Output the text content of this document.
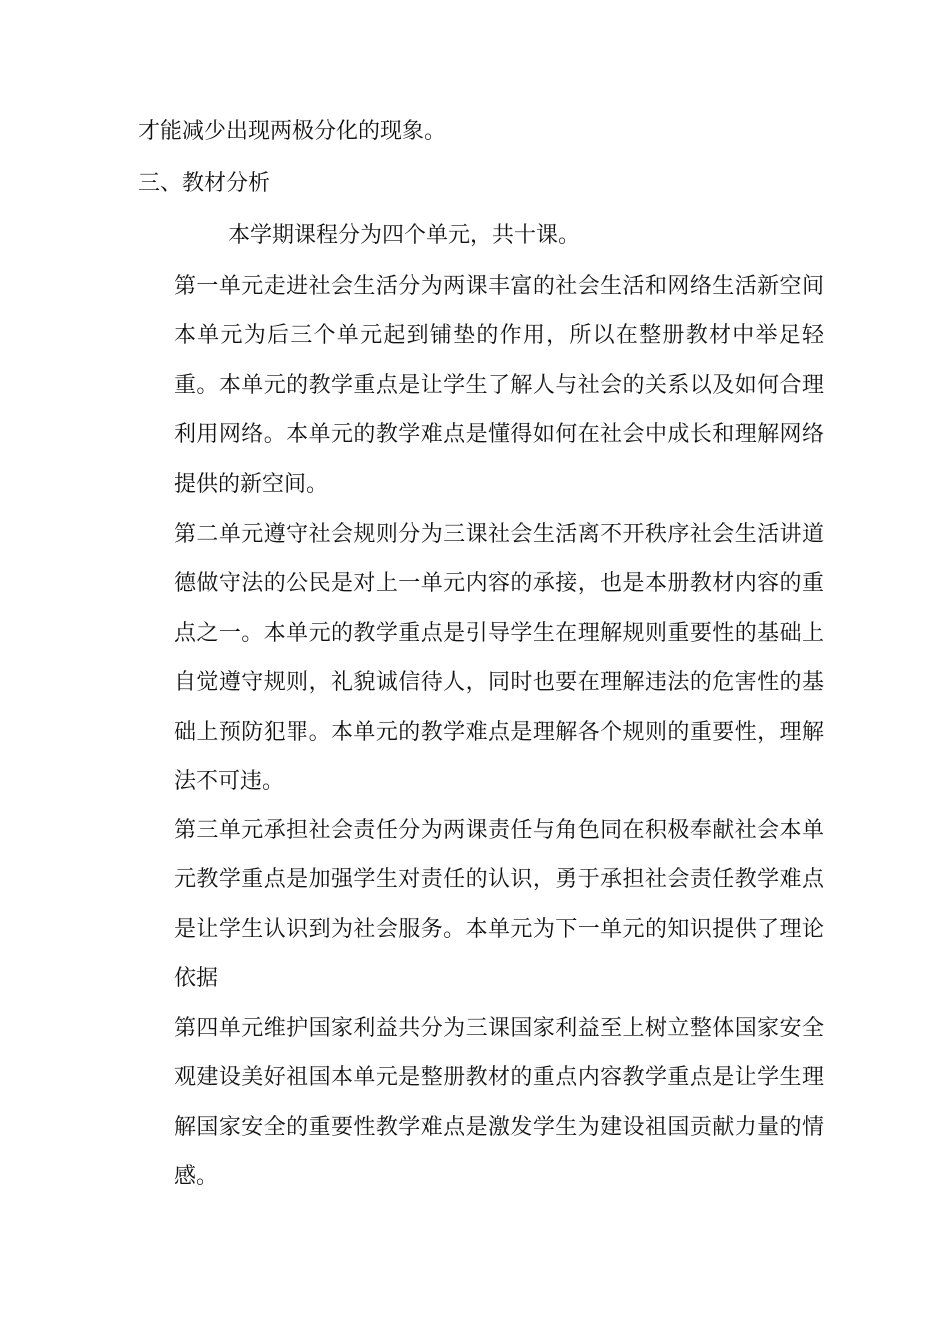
才能减少出现两极分化的现象。
三、教材分析
本学期课程分为四个单元，共十课。
第一单元走进社会生活分为两课丰富的社会生活和网络生活新空间本单元为后三个单元起到铺垫的作用，所以在整册教材中举足轻重。本单元的教学重点是让学生了解人与社会的关系以及如何合理利用网络。本单元的教学难点是懂得如何在社会中成长和理解网络提供的新空间。
第二单元遵守社会规则分为三课社会生活离不开秩序社会生活讲道德做守法的公民是对上一单元内容的承接，也是本册教材内容的重点之一。本单元的教学重点是引导学生在理解规则重要性的基础上自觉遵守规则，礼貌诚信待人，同时也要在理解违法的危害性的基础上预防犯罪。本单元的教学难点是理解各个规则的重要性，理解法不可违。
第三单元承担社会责任分为两课责任与角色同在积极奉献社会本单元教学重点是加强学生对责任的认识，勇于承担社会责任教学难点是让学生认识到为社会服务。本单元为下一单元的知识提供了理论依据
第四单元维护国家利益共分为三课国家利益至上树立整体国家安全观建设美好祖国本单元是整册教材的重点内容教学重点是让学生理解国家安全的重要性教学难点是激发学生为建设祖国贡献力量的情感。
